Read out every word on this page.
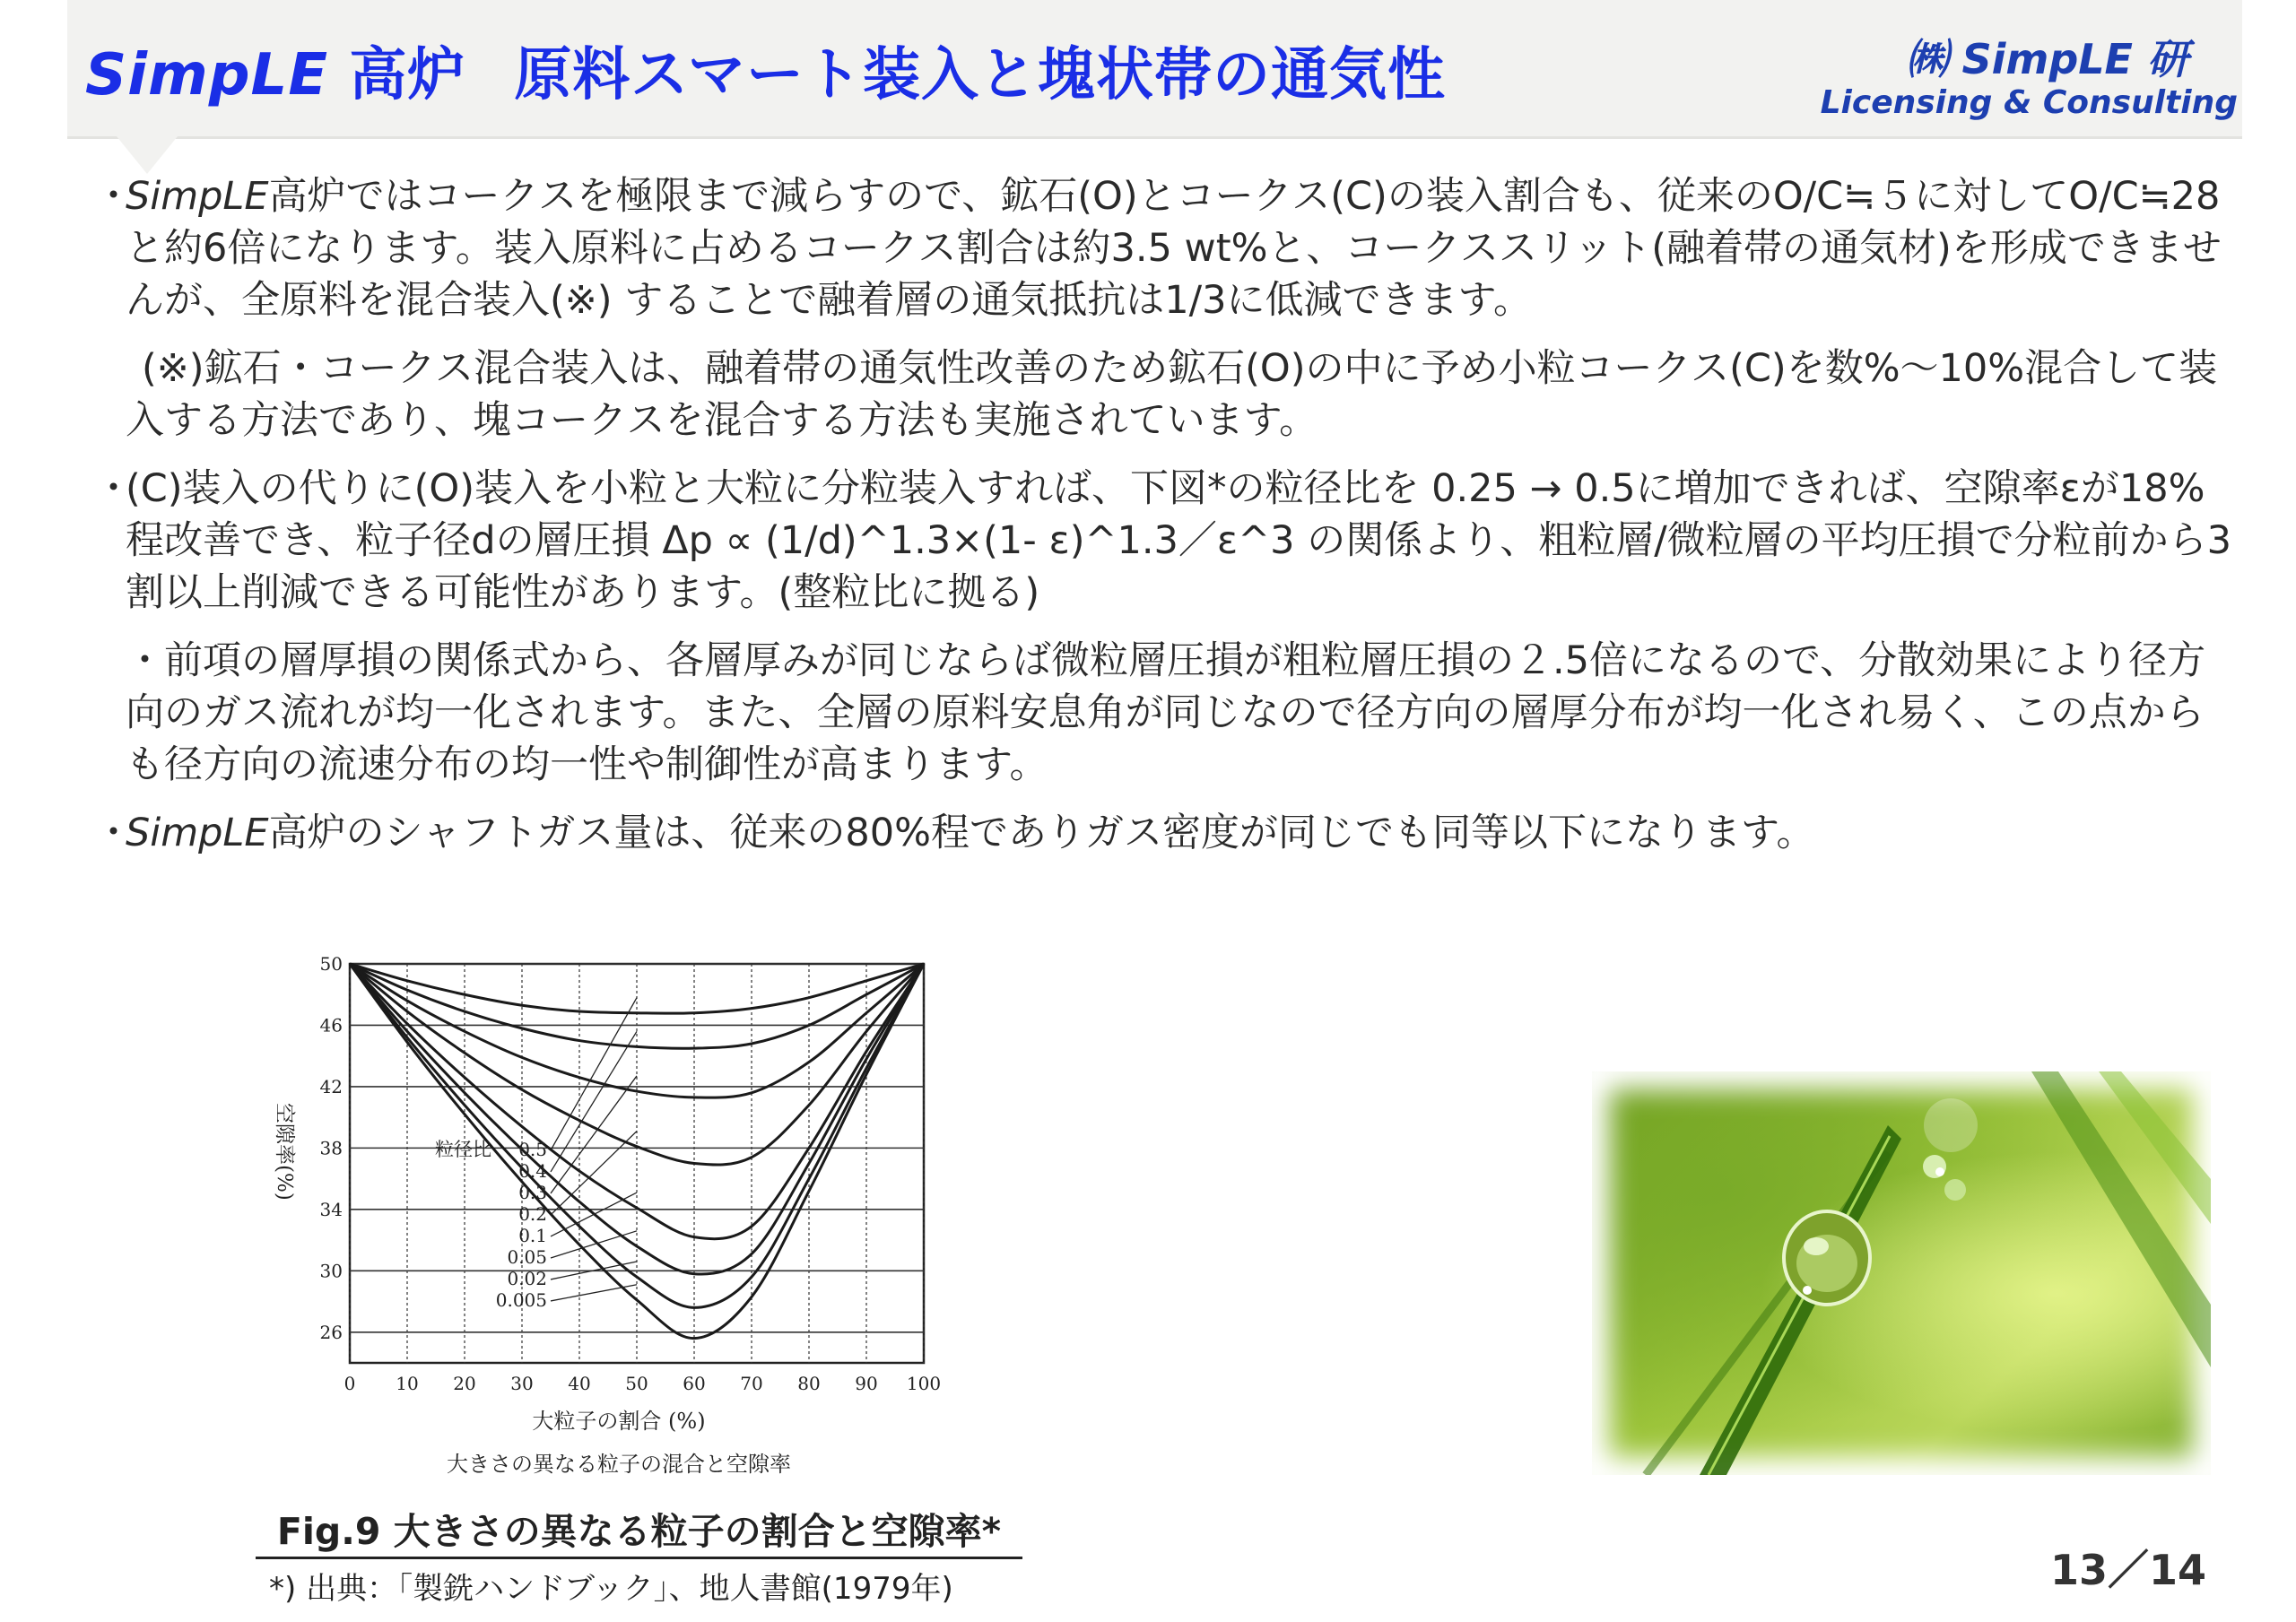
SimpLE 高炉 原料スマート装入と塊状帯の通気性	㈱ SimpLE 研
Licensing & Consulting

・
SimpLE高炉ではコークスを極限まで減らすので、鉱石(O)とコークス(C)の装入割合も、従来のO/C≒５に対してO/C≒28と約6倍になります。装入原料に占めるコークス割合は約3.5 wt%と、コークススリット(融着帯の通気材)を形成できませんが、全原料を混合装入(※) することで融着層の通気抵抗は1/3に低減できます。

(※)鉱石・コークス混合装入は、融着帯の通気性改善のため鉱石(O)の中に予め小粒コークス(C)を数%～10%混合して装入する方法であり、塊コークスを混合する方法も実施されています。

・
(C)装入の代りに(O)装入を小粒と大粒に分粒装入すれば、下図*の粒径比を 0.25 → 0.5に増加できれば、空隙率εが18%程改善でき、粒子径dの層圧損 Δp ∝ (1/d)^1.3×(1- ε)^1.3／ε^3 の関係より、粗粒層/微粒層の平均圧損で分粒前から3割以上削減できる可能性があります。(整粒比に拠る)

・前項の層厚損の関係式から、各層厚みが同じならば微粒層圧損が粗粒層圧損の２.5倍になるので、分散効果により径方向のガス流れが均一化されます。また、全層の原料安息角が同じなので径方向の層厚分布が均一化され易く、この点からも径方向の流速分布の均一性や制御性が高まります。

・
SimpLE高炉のシャフトガス量は、従来の80%程でありガス密度が同じでも同等以下になります。

50
46
42
38
34
30
26
0 10 20 30 40 50 60 70 80 90 100
粒径比 0.5
0.4
0.3
0.2
0.1
0.05
0.02
0.005
空隙率(%)
大粒子の割合 (%)
大きさの異なる粒子の混合と空隙率
Fig.9 大きさの異なる粒子の割合と空隙率*
*) 出典：「製銑ハンドブック」、地人書館(1979年)	13／14
